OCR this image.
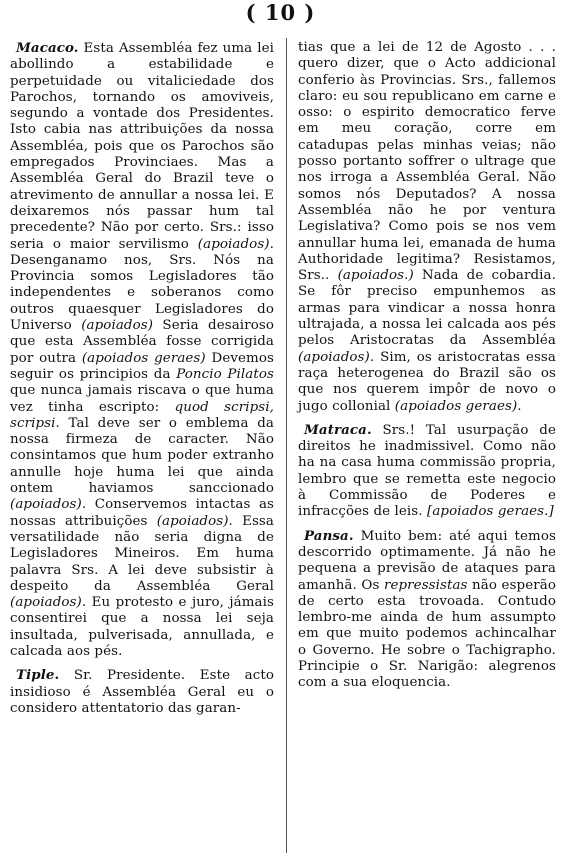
( 10 )

Macaco. Esta Assembléa fez uma lei abollindo a estabilidade e perpetuidade ou vitaliciedade dos Parochos, tornando os amoviveis, segundo a vontade dos Presidentes. Isto cabia nas attribuições da nossa Assembléa, pois que os Parochos são empregados Provinciaes. Mas a Assembléa Geral do Brazil teve o atrevimento de annullar a nossa lei. E deixaremos nós passar hum tal precedente? Não por certo. Srs.: isso seria o maior servilismo (apoiados). Desenganamo nos, Srs. Nós na Provincia somos Legisladores tão independentes e soberanos como outros quaesquer Legisladores do Universo (apoiados) Seria desairoso que esta Assembléa fosse corrigida por outra (apoiados geraes) Devemos seguir os principios da Poncio Pilatos que nunca jamais riscava o que huma vez tinha escripto: quod scripsi, scripsi. Tal deve ser o emblema da nossa firmeza de caracter. Não consintamos que hum poder extranho annulle hoje huma lei que ainda ontem haviamos sanccionado (apoiados). Conservemos intactas as nossas attribuições (apoiados). Essa versatilidade não seria digna de Legisladores Mineiros. Em huma palavra Srs. A lei deve subsistir à despeito da Assembléa Geral (apoiados). Eu protesto e juro, jámais consentirei que a nossa lei seja insultada, pulverisada, annullada, e calcada aos pés.

Tiple. Sr. Presidente. Este acto insidioso é Assembléa Geral eu o considero attentatorio das garan-

tias que a lei de 12 de Agosto . . . quero dizer, que o Acto addicional conferio às Provincias. Srs., fallemos claro: eu sou republicano em carne e osso: o espirito democratico ferve em meu coração, corre em catadupas pelas minhas veias; não posso portanto soffrer o ultrage que nos irroga a Assembléa Geral. Não somos nós Deputados? A nossa Assembléa não he por ventura Legislativa? Como pois se nos vem annullar huma lei, emanada de huma Authoridade legitima? Resistamos, Srs.. (apoiados.) Nada de cobardia. Se fôr preciso empunhemos as armas para vindicar a nossa honra ultrajada, a nossa lei calcada aos pés pelos Aristocratas da Assembléa (apoiados). Sim, os aristocratas essa raça heterogenea do Brazil são os que nos querem impôr de novo o jugo collonial (apoiados geraes).

Matraca. Srs.! Tal usurpação de direitos he inadmissivel. Como não ha na casa huma commissão propria, lembro que se remetta este negocio à Commissão de Poderes e infracções de leis. [apoiados geraes.]

Pansa. Muito bem: até aqui temos descorrido optimamente. Já não he pequena a previsão de ataques para amanhã. Os repressistas não esperão de certo esta trovoada. Contudo lembro-me ainda de hum assumpto em que muito podemos achincalhar o Governo. He sobre o Tachigrapho. Principie o Sr. Narigão: alegrenos com a sua eloquencia.
